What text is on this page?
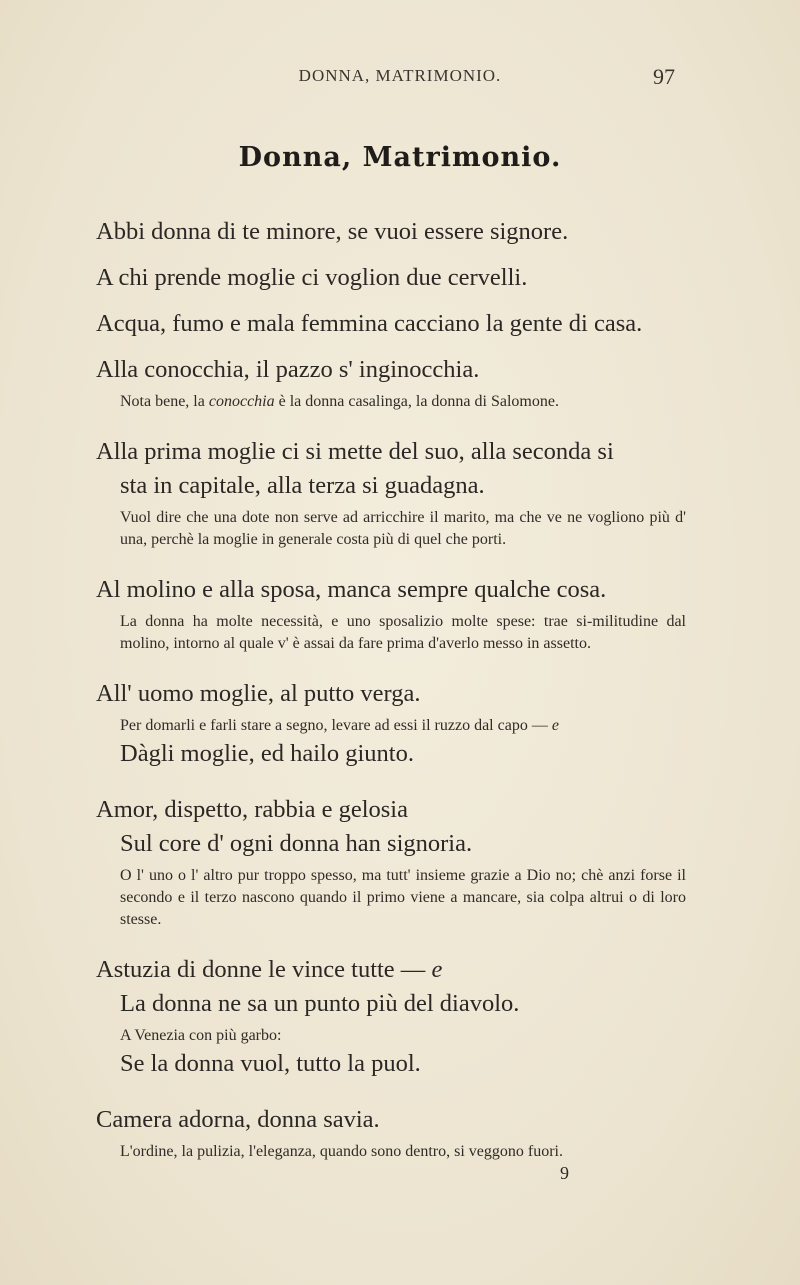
DONNA, MATRIMONIO.	97
Donna, Matrimonio.

Abbi donna di te minore, se vuoi essere signore.

A chi prende moglie ci voglion due cervelli.

Acqua, fumo e mala femmina cacciano la gente di casa.

Alla conocchia, il pazzo s' inginocchia.

Nota bene, la conocchia è la donna casalinga, la donna di Salomone.

Alla prima moglie ci si mette del suo, alla seconda si

sta in capitale, alla terza si guadagna.

Vuol dire che una dote non serve ad arricchire il marito, ma che ve ne vogliono più d' una, perchè la moglie in generale costa più di quel che porti.

Al molino e alla sposa, manca sempre qualche cosa.

La donna ha molte necessità, e uno sposalizio molte spese: trae si-militudine dal molino, intorno al quale v' è assai da fare prima d'averlo messo in assetto.

All' uomo moglie, al putto verga.

Per domarli e farli stare a segno, levare ad essi il ruzzo dal capo — e

Dàgli moglie, ed hailo giunto.

Amor, dispetto, rabbia e gelosia

Sul core d' ogni donna han signoria.

O l' uno o l' altro pur troppo spesso, ma tutt' insieme grazie a Dio no; chè anzi forse il secondo e il terzo nascono quando il primo viene a mancare, sia colpa altrui o di loro stesse.

Astuzia di donne le vince tutte — e

La donna ne sa un punto più del diavolo.

A Venezia con più garbo:

Se la donna vuol, tutto la puol.

Camera adorna, donna savia.

L'ordine, la pulizia, l'eleganza, quando sono dentro, si veggono fuori.

9
